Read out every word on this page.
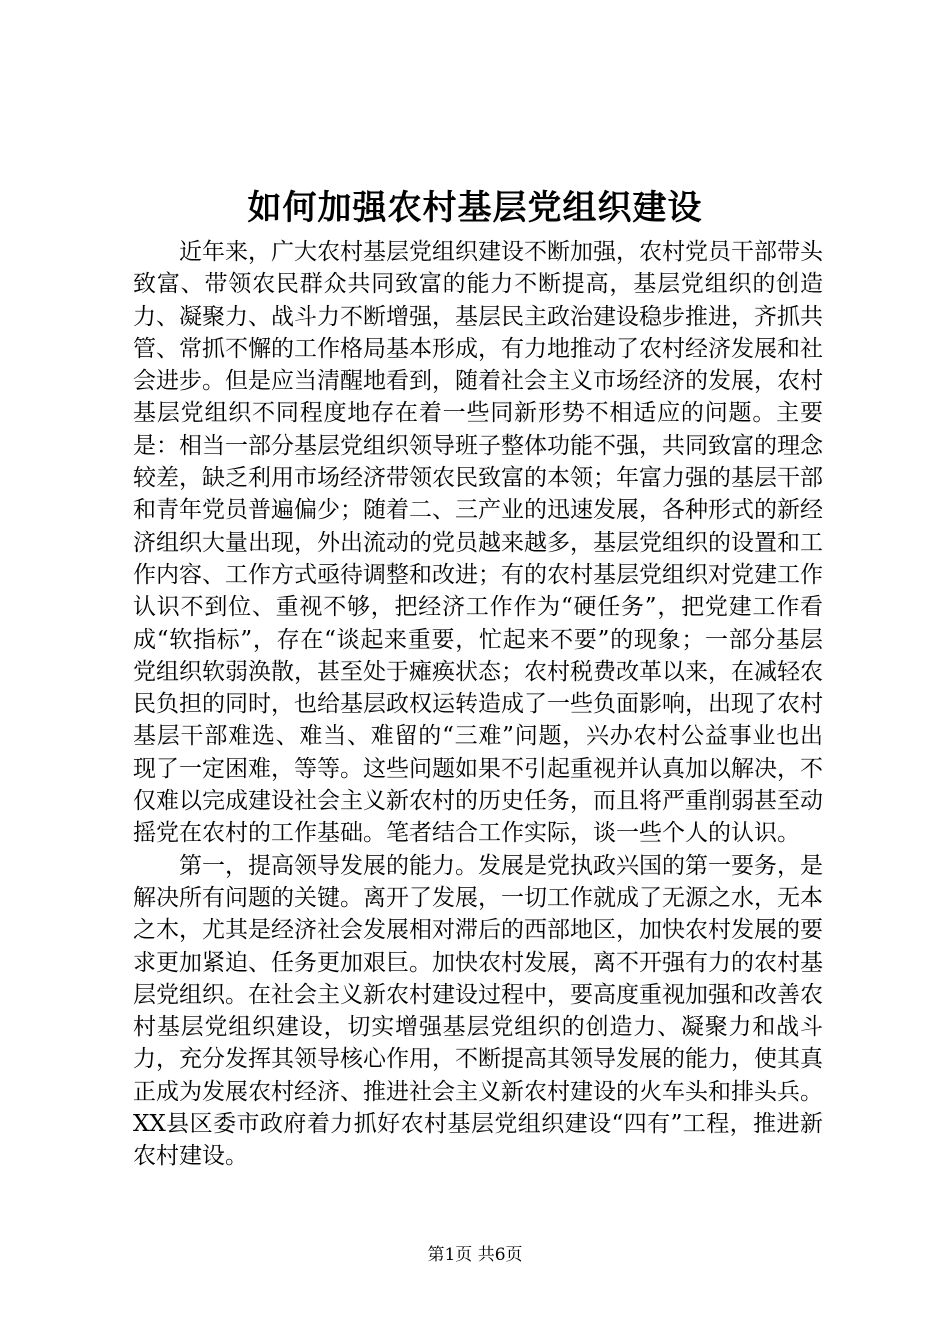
如何加强农村基层党组织建设

近年来，广大农村基层党组织建设不断加强，农村党员干部带头致富、带领农民群众共同致富的能力不断提高，基层党组织的创造力、凝聚力、战斗力不断增强，基层民主政治建设稳步推进，齐抓共管、常抓不懈的工作格局基本形成，有力地推动了农村经济发展和社会进步。但是应当清醒地看到，随着社会主义市场经济的发展，农村基层党组织不同程度地存在着一些同新形势不相适应的问题。主要是：相当一部分基层党组织领导班子整体功能不强，共同致富的理念较差，缺乏利用市场经济带领农民致富的本领；年富力强的基层干部和青年党员普遍偏少；随着二、三产业的迅速发展，各种形式的新经济组织大量出现，外出流动的党员越来越多，基层党组织的设置和工作内容、工作方式亟待调整和改进；有的农村基层党组织对党建工作认识不到位、重视不够，把经济工作作为“硬任务”，把党建工作看成“软指标”，存在“谈起来重要，忙起来不要”的现象；一部分基层党组织软弱涣散，甚至处于瘫痪状态；农村税费改革以来，在减轻农民负担的同时，也给基层政权运转造成了一些负面影响，出现了农村基层干部难选、难当、难留的“三难”问题，兴办农村公益事业也出现了一定困难，等等。这些问题如果不引起重视并认真加以解决，不仅难以完成建设社会主义新农村的历史任务，而且将严重削弱甚至动摇党在农村的工作基础。笔者结合工作实际，谈一些个人的认识。

第一，提高领导发展的能力。发展是党执政兴国的第一要务，是解决所有问题的关键。离开了发展，一切工作就成了无源之水，无本之木，尤其是经济社会发展相对滞后的西部地区，加快农村发展的要求更加紧迫、任务更加艰巨。加快农村发展，离不开强有力的农村基层党组织。在社会主义新农村建设过程中，要高度重视加强和改善农村基层党组织建设，切实增强基层党组织的创造力、凝聚力和战斗力，充分发挥其领导核心作用，不断提高其领导发展的能力，使其真正成为发展农村经济、推进社会主义新农村建设的火车头和排头兵。XX县区委市政府着力抓好农村基层党组织建设“四有”工程，推进新农村建设。

第1页 共6页
